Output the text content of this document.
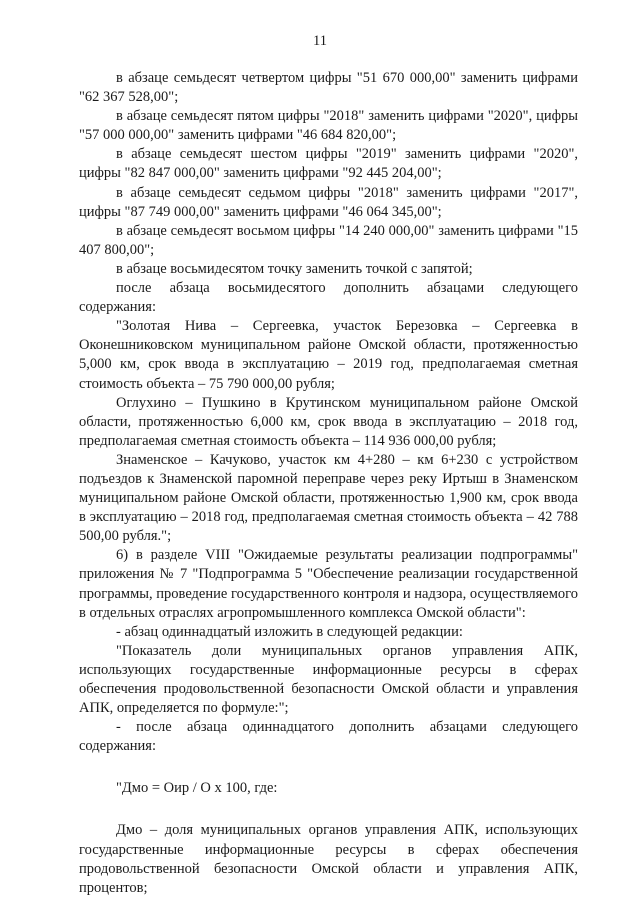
11

в абзаце семьдесят четвертом цифры "51 670 000,00" заменить цифрами "62 367 528,00";

в абзаце семьдесят пятом цифры "2018" заменить цифрами "2020", цифры "57 000 000,00" заменить цифрами "46 684 820,00";

в абзаце семьдесят шестом цифры "2019" заменить цифрами "2020", цифры "82 847 000,00" заменить цифрами "92 445 204,00";

в абзаце семьдесят седьмом цифры "2018" заменить цифрами "2017", цифры "87 749 000,00" заменить цифрами "46 064 345,00";

в абзаце семьдесят восьмом цифры "14 240 000,00" заменить цифрами "15 407 800,00";

в абзаце восьмидесятом точку заменить точкой с запятой;

после абзаца восьмидесятого дополнить абзацами следующего содержания:

"Золотая Нива – Сергеевка, участок Березовка – Сергеевка в Оконешниковском муниципальном районе Омской области, протяженностью 5,000 км, срок ввода в эксплуатацию – 2019 год, предполагаемая сметная стоимость объекта – 75 790 000,00 рубля;

Оглухино – Пушкино в Крутинском муниципальном районе Омской области, протяженностью 6,000 км, срок ввода в эксплуатацию – 2018 год, предполагаемая сметная стоимость объекта – 114 936 000,00 рубля;

Знаменское – Качуково, участок км 4+280 – км 6+230 с устройством подъездов к Знаменской паромной переправе через реку Иртыш в Знаменском муниципальном районе Омской области, протяженностью 1,900 км, срок ввода в эксплуатацию – 2018 год, предполагаемая сметная стоимость объекта – 42 788 500,00 рубля.";

6) в разделе VIII "Ожидаемые результаты реализации подпрограммы" приложения № 7 "Подпрограмма 5 "Обеспечение реализации государственной программы, проведение государственного контроля и надзора, осуществляемого в отдельных отраслях агропромышленного комплекса Омской области":

- абзац одиннадцатый изложить в следующей редакции:

"Показатель доли муниципальных органов управления АПК, использующих государственные информационные ресурсы в сферах обеспечения продовольственной безопасности Омской области и управления АПК, определяется по формуле:";

- после абзаца одиннадцатого дополнить абзацами следующего содержания:

"Дмо = Оир / О х 100, где:

Дмо – доля муниципальных органов управления АПК, использующих государственные информационные ресурсы в сферах обеспечения продовольственной безопасности Омской области и управления АПК, процентов;
